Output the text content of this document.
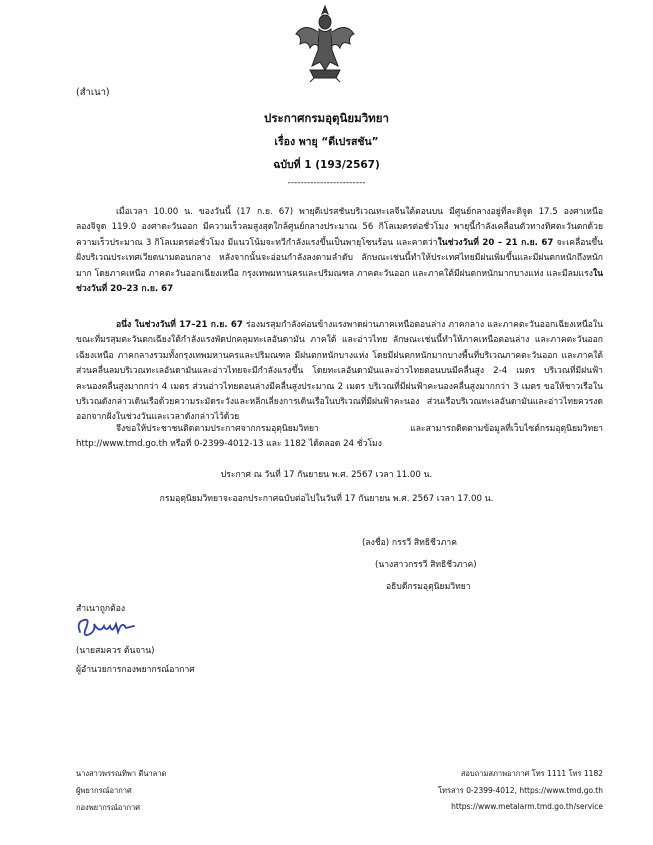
(สำเนา)
ประกาศกรมอุตุนิยมวิทยา
เรื่อง พายุ “ดีเปรสชัน”
ฉบับที่ 1 (193/2567)
------------------------
เมื่อเวลา 10.00 น. ของวันนี้ (17 ก.ย. 67) พายุดีเปรสชันบริเวณทะเลจีนใต้ตอนบน มีศูนย์กลางอยู่ที่ละติจูด 17.5 องศาเหนือ ลองจิจูด 119.0 องศาตะวันออก มีความเร็วลมสูงสุดใกล้ศูนย์กลางประมาณ 56 กิโลเมตรต่อชั่วโมง พายุนี้กำลังเคลื่อนตัวทางทิศตะวันตกด้วยความเร็วประมาณ 3 กิโลเมตรต่อชั่วโมง มีแนวโน้มจะทวีกำลังแรงขึ้นเป็นพายุโซนร้อน และคาดว่าในช่วงวันที่ 20 – 21 ก.ย. 67 จะเคลื่อนขึ้นฝั่งบริเวณประเทศเวียดนามตอนกลาง หลังจากนั้นจะอ่อนกำลังลงตามลำดับ ลักษณะเช่นนี้ทำให้ประเทศไทยมีฝนเพิ่มขึ้นและมีฝนตกหนักถึงหนักมาก โดยภาคเหนือ ภาคตะวันออกเฉียงเหนือ กรุงเทพมหานครและปริมณฑล ภาคตะวันออก และภาคใต้มีฝนตกหนักมากบางแห่ง และมีลมแรงในช่วงวันที่ 20–23 ก.ย. 67
อนึ่ง ในช่วงวันที่ 17–21 ก.ย. 67 ร่องมรสุมกำลังค่อนข้างแรงพาดผ่านภาคเหนือตอนล่าง ภาคกลาง และภาคตะวันออกเฉียงเหนือในขณะที่มรสุมตะวันตกเฉียงใต้กำลังแรงพัดปกคลุมทะเลอันดามัน ภาคใต้ และอ่าวไทย ลักษณะเช่นนี้ทำให้ภาคเหนือตอนล่าง และภาคตะวันออกเฉียงเหนือ ภาคกลางรวมทั้งกรุงเทพมหานครและปริมณฑล มีฝนตกหนักบางแห่ง โดยมีฝนตกหนักมากบางพื้นที่บริเวณภาคตะวันออก และภาคใต้ ส่วนคลื่นลมบริเวณทะเลอันดามันและอ่าวไทยจะมีกำลังแรงขึ้น โดยทะเลอันดามันและอ่าวไทยตอนบนมีคลื่นสูง 2-4 เมตร บริเวณที่มีฝนฟ้าคะนองคลื่นสูงมากกว่า 4 เมตร ส่วนอ่าวไทยตอนล่างมีคลื่นสูงประมาณ 2 เมตร บริเวณที่มีฝนฟ้าคะนองคลื่นสูงมากกว่า 3 เมตร ขอให้ชาวเรือในบริเวณดังกล่าวเดินเรือด้วยความระมัดระวังและหลีกเลี่ยงการเดินเรือในบริเวณที่มีฝนฟ้าคะนอง ส่วนเรือบริเวณทะเลอันดามันและอ่าวไทยควรงดออกจากฝั่งในช่วงวันและเวลาดังกล่าวไว้ด้วย
จึงขอให้ประชาชนติดตามประกาศจากกรมอุตุนิยมวิทยา และสามารถติดตามข้อมูลที่เว็บไซต์กรมอุตุนิยมวิทยา http://www.tmd.go.th หรือที่ 0-2399-4012-13 และ 1182 ได้ตลอด 24 ชั่วโมง
ประกาศ ณ วันที่ 17 กันยายน พ.ศ. 2567 เวลา 11.00 น.
กรมอุตุนิยมวิทยาจะออกประกาศฉบับต่อไปในวันที่ 17 กันยายน พ.ศ. 2567 เวลา 17.00 น.
(ลงชื่อ) กรรวี สิทธิชีวภาค
(นางสาวกรรวี สิทธิชีวภาค)
อธิบดีกรมอุตุนิยมวิทยา
สำเนาถูกต้อง
(นายสมควร ต้นจาน)
ผู้อำนวยการกองพยากรณ์อากาศ
นางสาวพรรณทิพา ดีนาลาด
ผู้พยากรณ์อากาศ
กองพยากรณ์อากาศ
สอบถามสภาพอากาศ โทร 1111 โทร 1182
โทรสาร 0-2399-4012, https://www.tmd.go.th
https://www.metalarm.tmd.go.th/service
